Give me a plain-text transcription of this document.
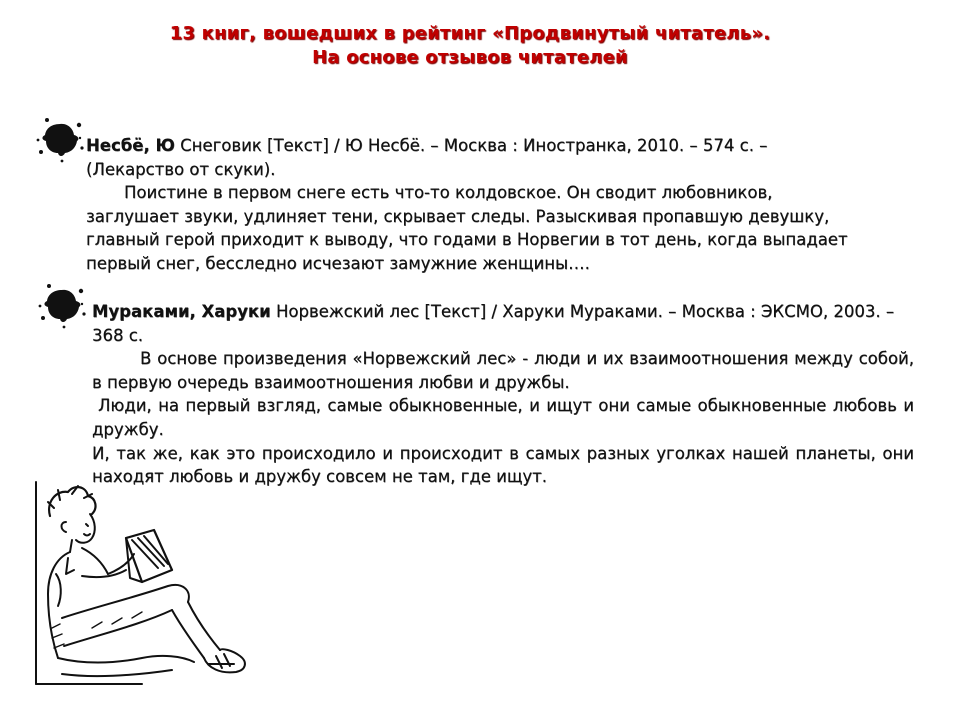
13 книг, вошедших в рейтинг «Продвинутый читатель».
На основе отзывов читателей

Несбё, Ю Снеговик [Текст] / Ю Несбё. – Москва : Иностранка, 2010. – 574 с. – (Лекарство от скуки).

Поистине в первом снеге есть что-то колдовское. Он сводит любовников, заглушает звуки, удлиняет тени, скрывает следы. Разыскивая пропавшую девушку, главный герой приходит к выводу, что годами в Норвегии в тот день, когда выпадает первый снег, бесследно исчезают замужние женщины….

Мураками, Харуки Норвежский лес [Текст] / Харуки Мураками. – Москва : ЭКСМО, 2003. – 368 с.

В основе произведения «Норвежский лес» - люди и их взаимоотношения между собой, в первую очередь взаимоотношения любви и дружбы.

Люди, на первый взгляд, самые обыкновенные, и ищут они самые обыкновенные любовь и дружбу.

И, так же, как это происходило и происходит в самых разных уголках нашей планеты, они находят любовь и дружбу совсем не там, где ищут.
